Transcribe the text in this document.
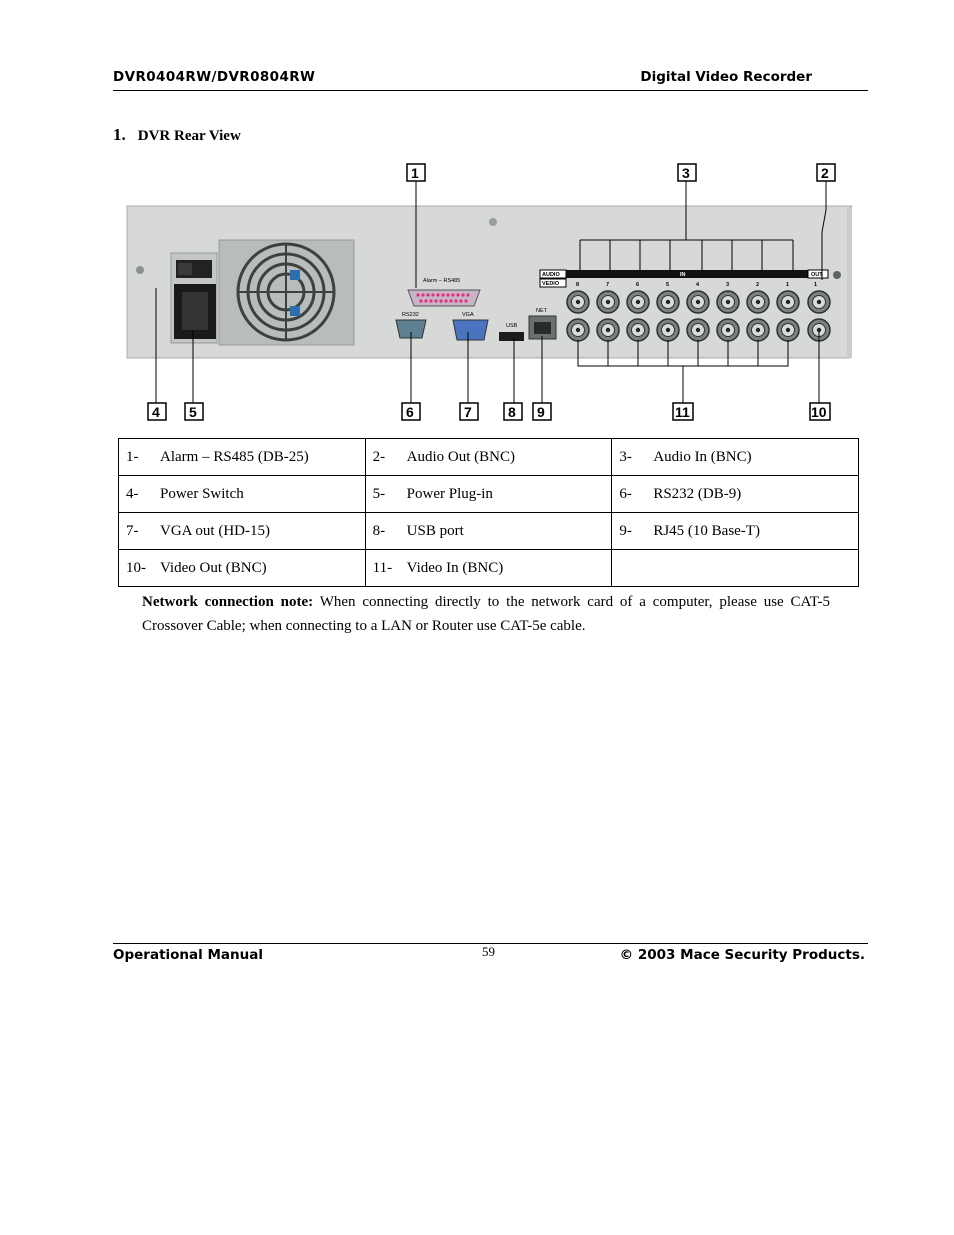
DVR0404RW/DVR0804RW	Digital Video Recorder
1. DVR Rear View
Alarm – RS485
RS232	VGA
USB
NET
AUDIO
VEDIO
IN	OUT
8	7	6	5	4	3	2	1	1
1	3	2
4 5	6	7	8 9	11	10
1- Alarm – RS485 (DB-25)	2- Audio Out (BNC)	3- Audio In (BNC)
4- Power Switch	5- Power Plug-in	6- RS232 (DB-9)
7- VGA out (HD-15)	8- USB port	9- RJ45 (10 Base-T)
10- Video Out (BNC)	11- Video In (BNC)	
Network connection note: When connecting directly to the network card of a computer, please use CAT-5 Crossover Cable; when connecting to a LAN or Router use CAT-5e cable.
Operational Manual	59	© 2003 Mace Security Products.
